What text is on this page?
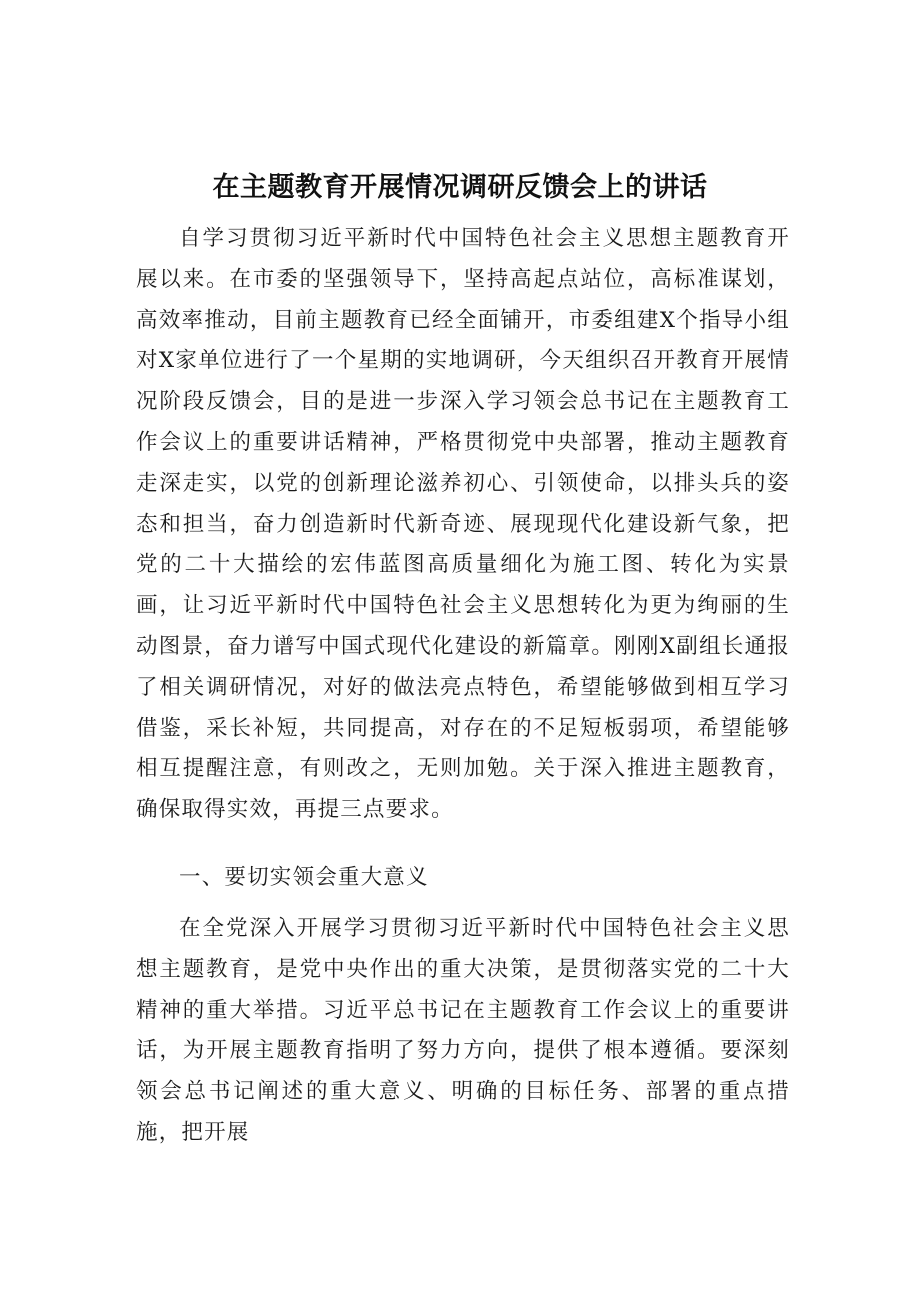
在主题教育开展情况调研反馈会上的讲话

自学习贯彻习近平新时代中国特色社会主义思想主题教育开展以来。在市委的坚强领导下，坚持高起点站位，高标准谋划，高效率推动，目前主题教育已经全面铺开，市委组建X个指导小组对X家单位进行了一个星期的实地调研，今天组织召开教育开展情况阶段反馈会，目的是进一步深入学习领会总书记在主题教育工作会议上的重要讲话精神，严格贯彻党中央部署，推动主题教育走深走实，以党的创新理论滋养初心、引领使命，以排头兵的姿态和担当，奋力创造新时代新奇迹、展现现代化建设新气象，把党的二十大描绘的宏伟蓝图高质量细化为施工图、转化为实景画，让习近平新时代中国特色社会主义思想转化为更为绚丽的生动图景，奋力谱写中国式现代化建设的新篇章。刚刚X副组长通报了相关调研情况，对好的做法亮点特色，希望能够做到相互学习借鉴，采长补短，共同提高，对存在的不足短板弱项，希望能够相互提醒注意，有则改之，无则加勉。关于深入推进主题教育，确保取得实效，再提三点要求。

一、要切实领会重大意义

在全党深入开展学习贯彻习近平新时代中国特色社会主义思想主题教育，是党中央作出的重大决策，是贯彻落实党的二十大精神的重大举措。习近平总书记在主题教育工作会议上的重要讲话，为开展主题教育指明了努力方向，提供了根本遵循。要深刻领会总书记阐述的重大意义、明确的目标任务、部署的重点措施，把开展
